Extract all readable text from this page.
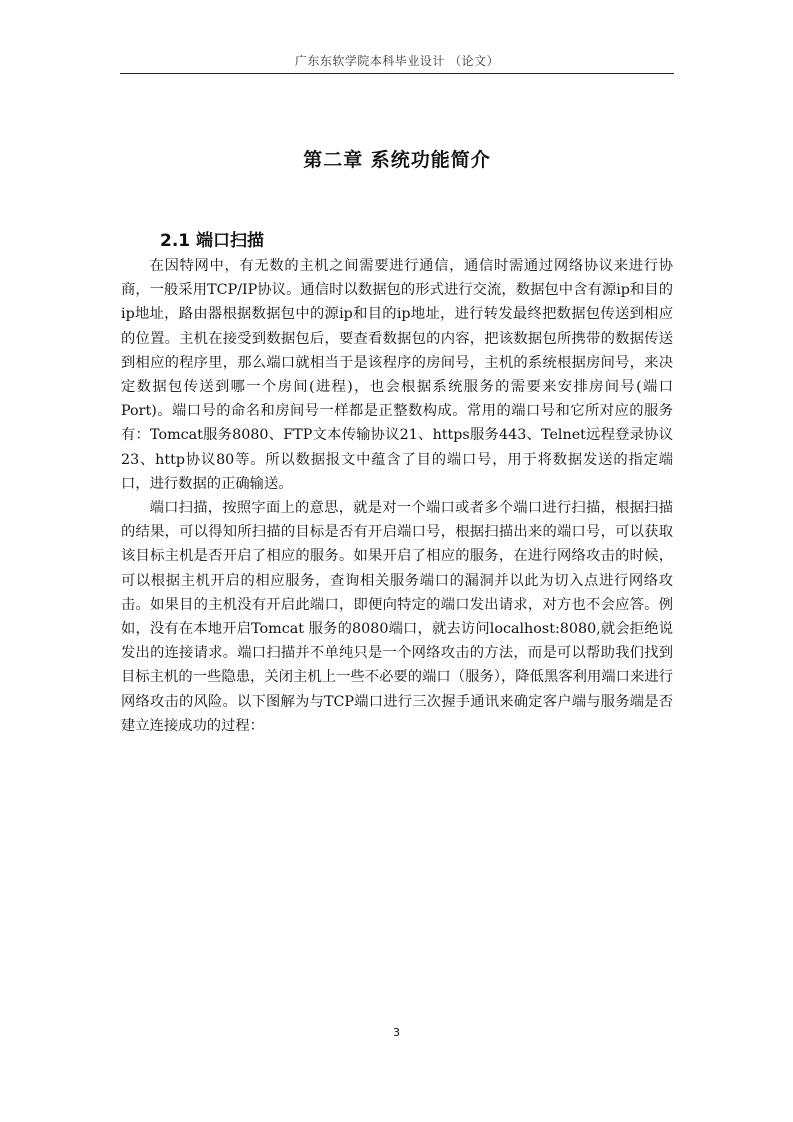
广东东软学院本科毕业设计 （论文）
第二章 系统功能简介
2.1 端口扫描

在因特网中，有无数的主机之间需要进行通信，通信时需通过网络协议来进行协商，一般采用TCP/IP协议。通信时以数据包的形式进行交流，数据包中含有源ip和目的ip地址，路由器根据数据包中的源ip和目的ip地址，进行转发最终把数据包传送到相应的位置。主机在接受到数据包后，要查看数据包的内容，把该数据包所携带的数据传送到相应的程序里，那么端口就相当于是该程序的房间号，主机的系统根据房间号，来决定数据包传送到哪一个房间(进程)，也会根据系统服务的需要来安排房间号(端口Port)。端口号的命名和房间号一样都是正整数构成。常用的端口号和它所对应的服务有：Tomcat服务8080、FTP文本传输协议21、https服务443、Telnet远程登录协议23、http协议80等。所以数据报文中蕴含了目的端口号，用于将数据发送的指定端口，进行数据的正确输送。

端口扫描，按照字面上的意思，就是对一个端口或者多个端口进行扫描，根据扫描的结果，可以得知所扫描的目标是否有开启端口号，根据扫描出来的端口号，可以获取该目标主机是否开启了相应的服务。如果开启了相应的服务，在进行网络攻击的时候，可以根据主机开启的相应服务，查询相关服务端口的漏洞并以此为切入点进行网络攻击。如果目的主机没有开启此端口，即便向特定的端口发出请求，对方也不会应答。例如，没有在本地开启Tomcat 服务的8080端口，就去访问localhost:8080,就会拒绝说发出的连接请求。端口扫描并不单纯只是一个网络攻击的方法，而是可以帮助我们找到目标主机的一些隐患，关闭主机上一些不必要的端口（服务），降低黑客利用端口来进行网络攻击的风险。以下图解为与TCP端口进行三次握手通讯来确定客户端与服务端是否建立连接成功的过程：

3
